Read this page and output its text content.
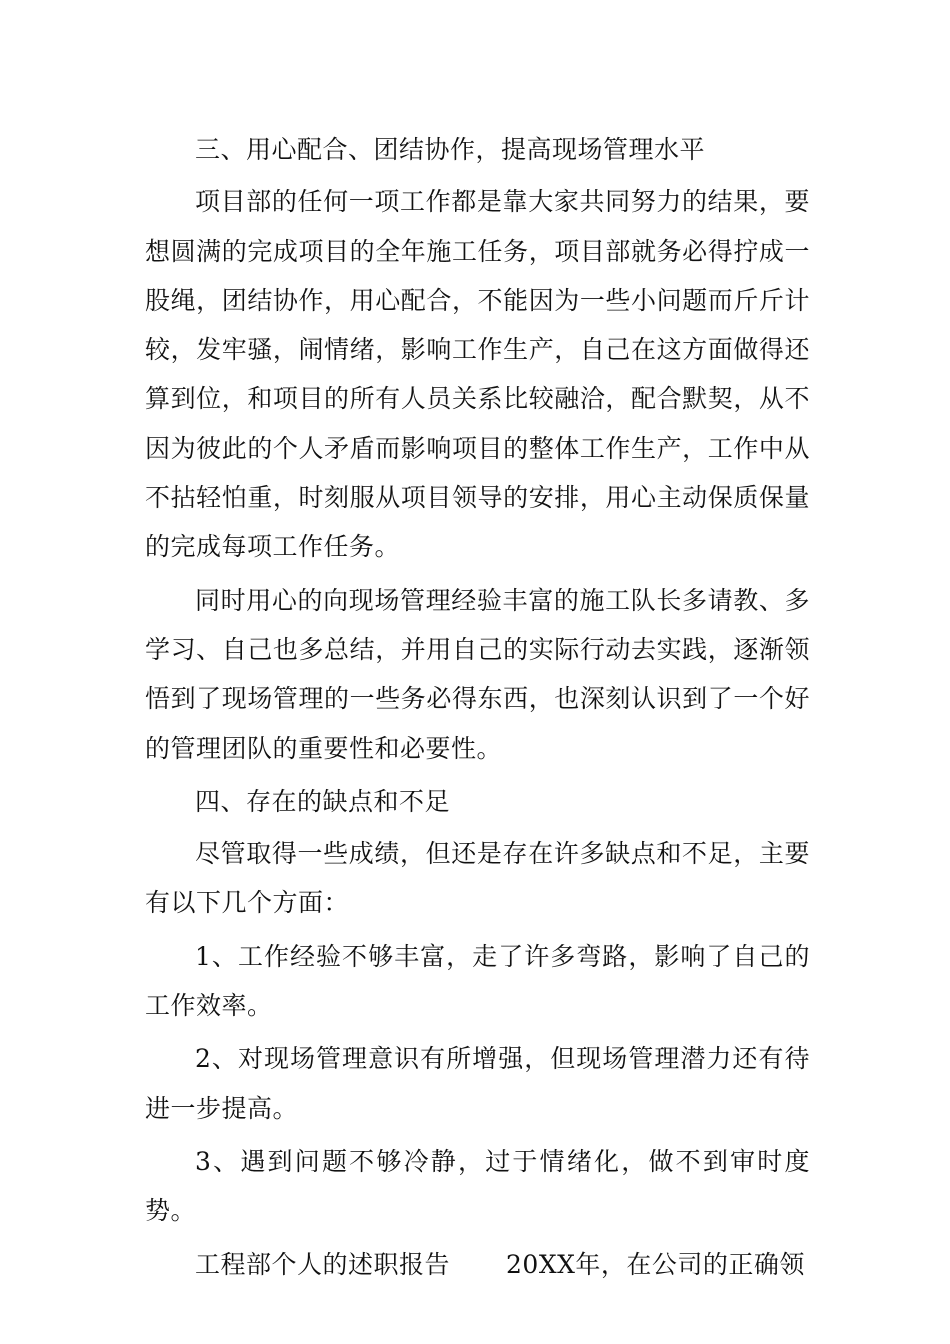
三、用心配合、团结协作，提高现场管理水平

项目部的任何一项工作都是靠大家共同努力的结果，要想圆满的完成项目的全年施工任务，项目部就务必得拧成一股绳，团结协作，用心配合，不能因为一些小问题而斤斤计较，发牢骚，闹情绪，影响工作生产，自己在这方面做得还算到位，和项目的所有人员关系比较融洽，配合默契，从不因为彼此的个人矛盾而影响项目的整体工作生产，工作中从不拈轻怕重，时刻服从项目领导的安排，用心主动保质保量的完成每项工作任务。

同时用心的向现场管理经验丰富的施工队长多请教、多学习、自己也多总结，并用自己的实际行动去实践，逐渐领悟到了现场管理的一些务必得东西，也深刻认识到了一个好的管理团队的重要性和必要性。

四、存在的缺点和不足

尽管取得一些成绩，但还是存在许多缺点和不足，主要有以下几个方面：

1、工作经验不够丰富，走了许多弯路，影响了自己的工作效率。

2、对现场管理意识有所增强，但现场管理潜力还有待进一步提高。

3、遇到问题不够冷静，过于情绪化，做不到审时度势。

工程部个人的述职报告 20XX年，在公司的正确领
